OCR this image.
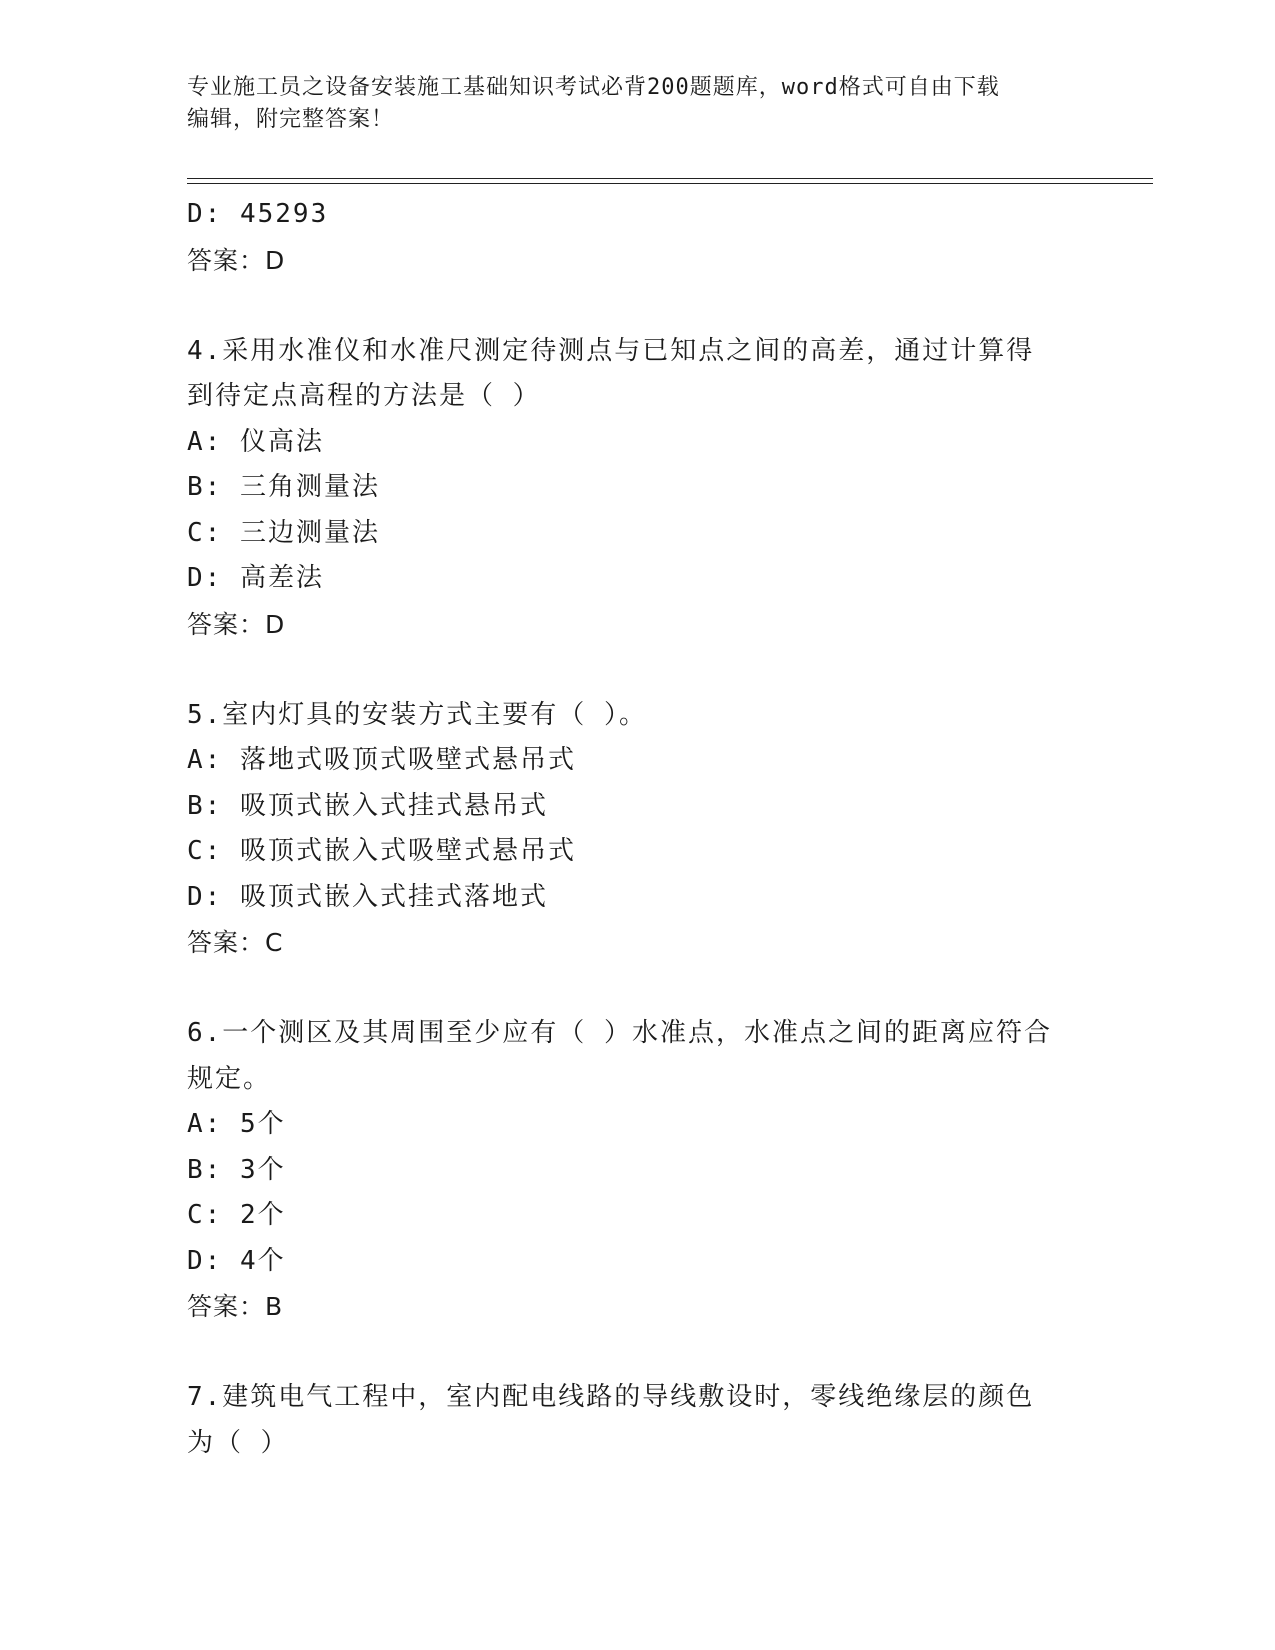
专业施工员之设备安装施工基础知识考试必背200题题库，word格式可自由下载
编辑，附完整答案！
D: 45293
答案：D
4.采用水准仪和水准尺测定待测点与已知点之间的高差，通过计算得
到待定点高程的方法是（ ）
A: 仪高法
B: 三角测量法
C: 三边测量法
D: 高差法
答案：D
5.室内灯具的安装方式主要有（ ）。
A: 落地式吸顶式吸壁式悬吊式
B: 吸顶式嵌入式挂式悬吊式
C: 吸顶式嵌入式吸壁式悬吊式
D: 吸顶式嵌入式挂式落地式
答案：C
6.一个测区及其周围至少应有（ ）水准点，水准点之间的距离应符合
规定。
A: 5个
B: 3个
C: 2个
D: 4个
答案：B
7.建筑电气工程中，室内配电线路的导线敷设时，零线绝缘层的颜色
为（ ）
